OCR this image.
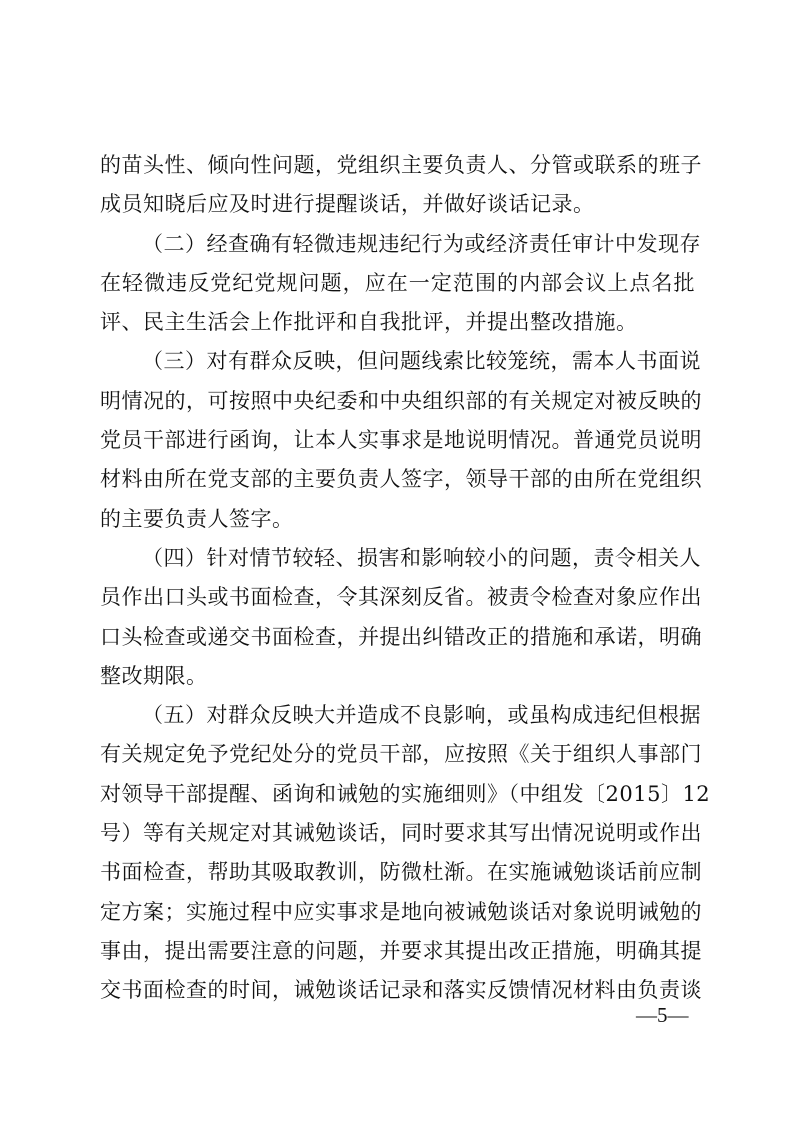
的苗头性、倾向性问题，党组织主要负责人、分管或联系的班子
成员知晓后应及时进行提醒谈话，并做好谈话记录。
（二）经查确有轻微违规违纪行为或经济责任审计中发现存
在轻微违反党纪党规问题，应在一定范围的内部会议上点名批
评、民主生活会上作批评和自我批评，并提出整改措施。
（三）对有群众反映，但问题线索比较笼统，需本人书面说
明情况的，可按照中央纪委和中央组织部的有关规定对被反映的
党员干部进行函询，让本人实事求是地说明情况。普通党员说明
材料由所在党支部的主要负责人签字，领导干部的由所在党组织
的主要负责人签字。
（四）针对情节较轻、损害和影响较小的问题，责令相关人
员作出口头或书面检查，令其深刻反省。被责令检查对象应作出
口头检查或递交书面检查，并提出纠错改正的措施和承诺，明确
整改期限。
（五）对群众反映大并造成不良影响，或虽构成违纪但根据
有关规定免予党纪处分的党员干部，应按照《关于组织人事部门
对领导干部提醒、函询和诫勉的实施细则》（中组发〔2015〕12
号）等有关规定对其诫勉谈话，同时要求其写出情况说明或作出
书面检查，帮助其吸取教训，防微杜渐。在实施诫勉谈话前应制
定方案；实施过程中应实事求是地向被诫勉谈话对象说明诫勉的
事由，提出需要注意的问题，并要求其提出改正措施，明确其提
交书面检查的时间，诫勉谈话记录和落实反馈情况材料由负责谈
—5—
